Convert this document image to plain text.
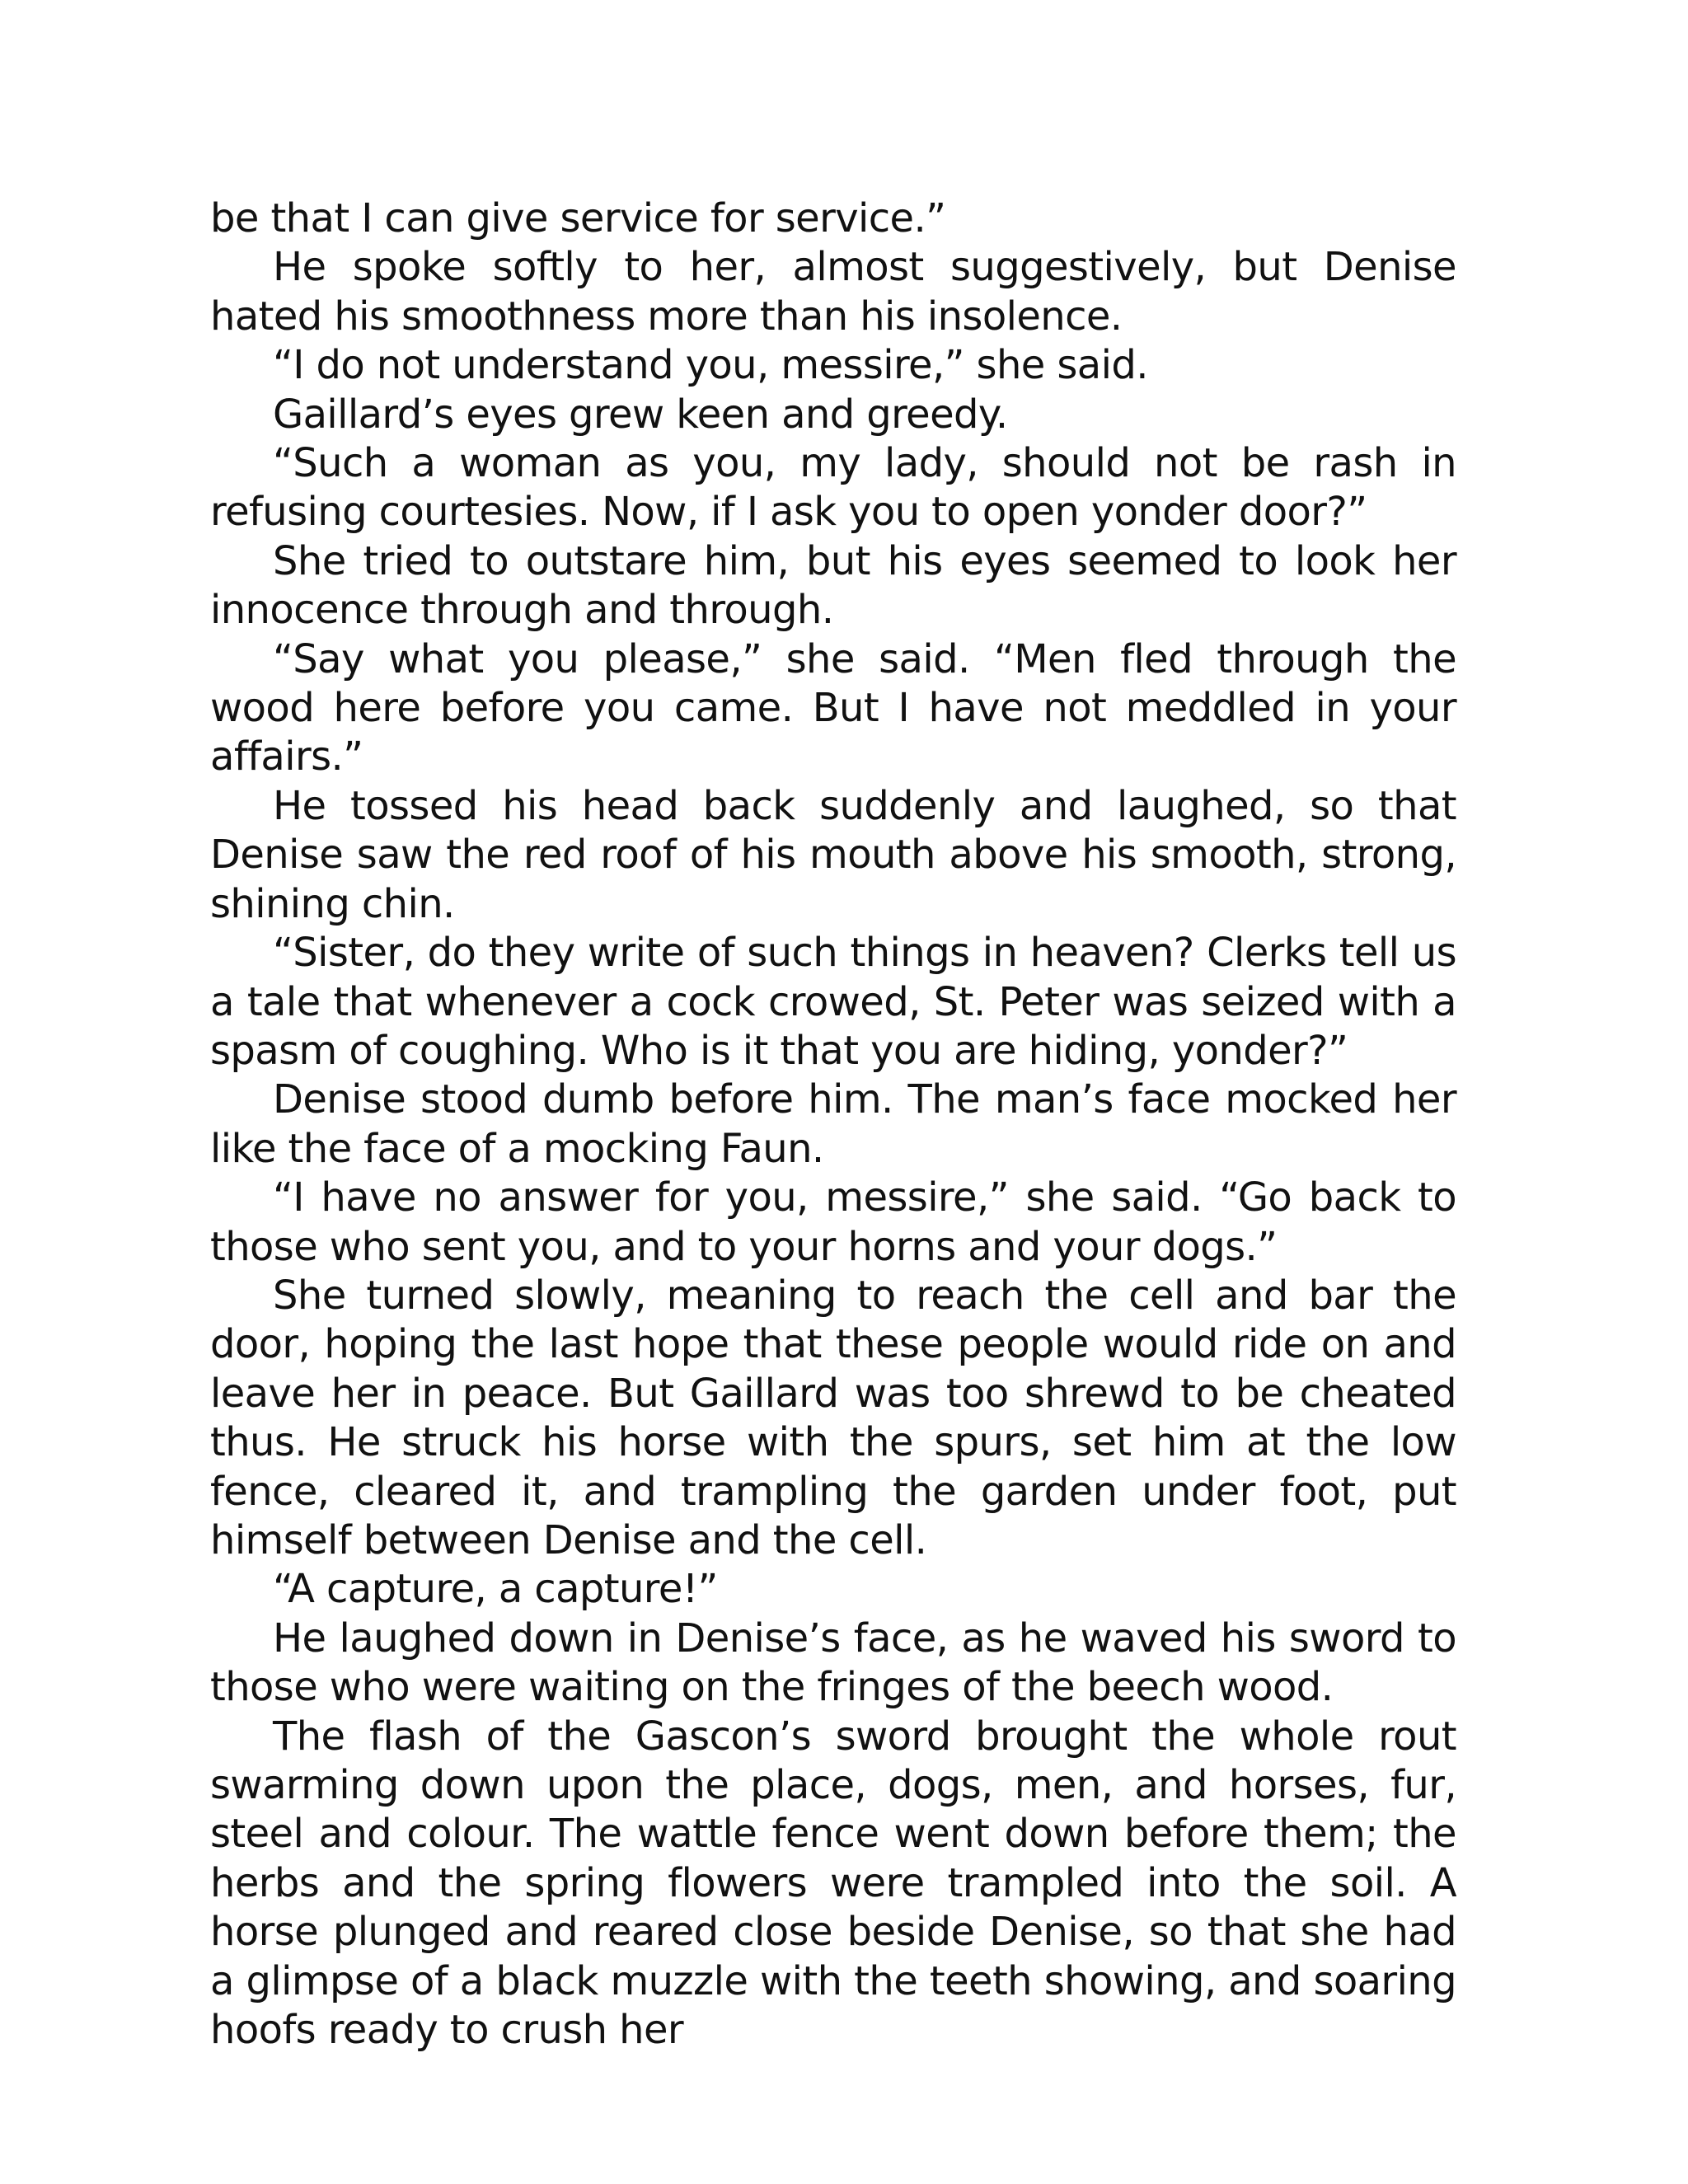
be that I can give service for service.”

He spoke softly to her, almost suggestively, but Denise hated his smoothness more than his insolence.

“I do not understand you, messire,” she said.

Gaillard’s eyes grew keen and greedy.

“Such a woman as you, my lady, should not be rash in refusing courtesies. Now, if I ask you to open yonder door?”

She tried to outstare him, but his eyes seemed to look her innocence through and through.

“Say what you please,” she said. “Men fled through the wood here before you came. But I have not meddled in your affairs.”

He tossed his head back suddenly and laughed, so that Denise saw the red roof of his mouth above his smooth, strong, shining chin.

“Sister, do they write of such things in heaven? Clerks tell us a tale that whenever a cock crowed, St. Peter was seized with a spasm of coughing. Who is it that you are hiding, yonder?”

Denise stood dumb before him. The man’s face mocked her like the face of a mocking Faun.

“I have no answer for you, messire,” she said. “Go back to those who sent you, and to your horns and your dogs.”

She turned slowly, meaning to reach the cell and bar the door, hoping the last hope that these people would ride on and leave her in peace. But Gaillard was too shrewd to be cheated thus. He struck his horse with the spurs, set him at the low fence, cleared it, and trampling the garden under foot, put himself between Denise and the cell.

“A capture, a capture!”

He laughed down in Denise’s face, as he waved his sword to those who were waiting on the fringes of the beech wood.

The flash of the Gascon’s sword brought the whole rout swarming down upon the place, dogs, men, and horses, fur, steel and colour. The wattle fence went down before them; the herbs and the spring flowers were trampled into the soil. A horse plunged and reared close beside Denise, so that she had a glimpse of a black muzzle with the teeth showing, and soaring hoofs ready to crush her
